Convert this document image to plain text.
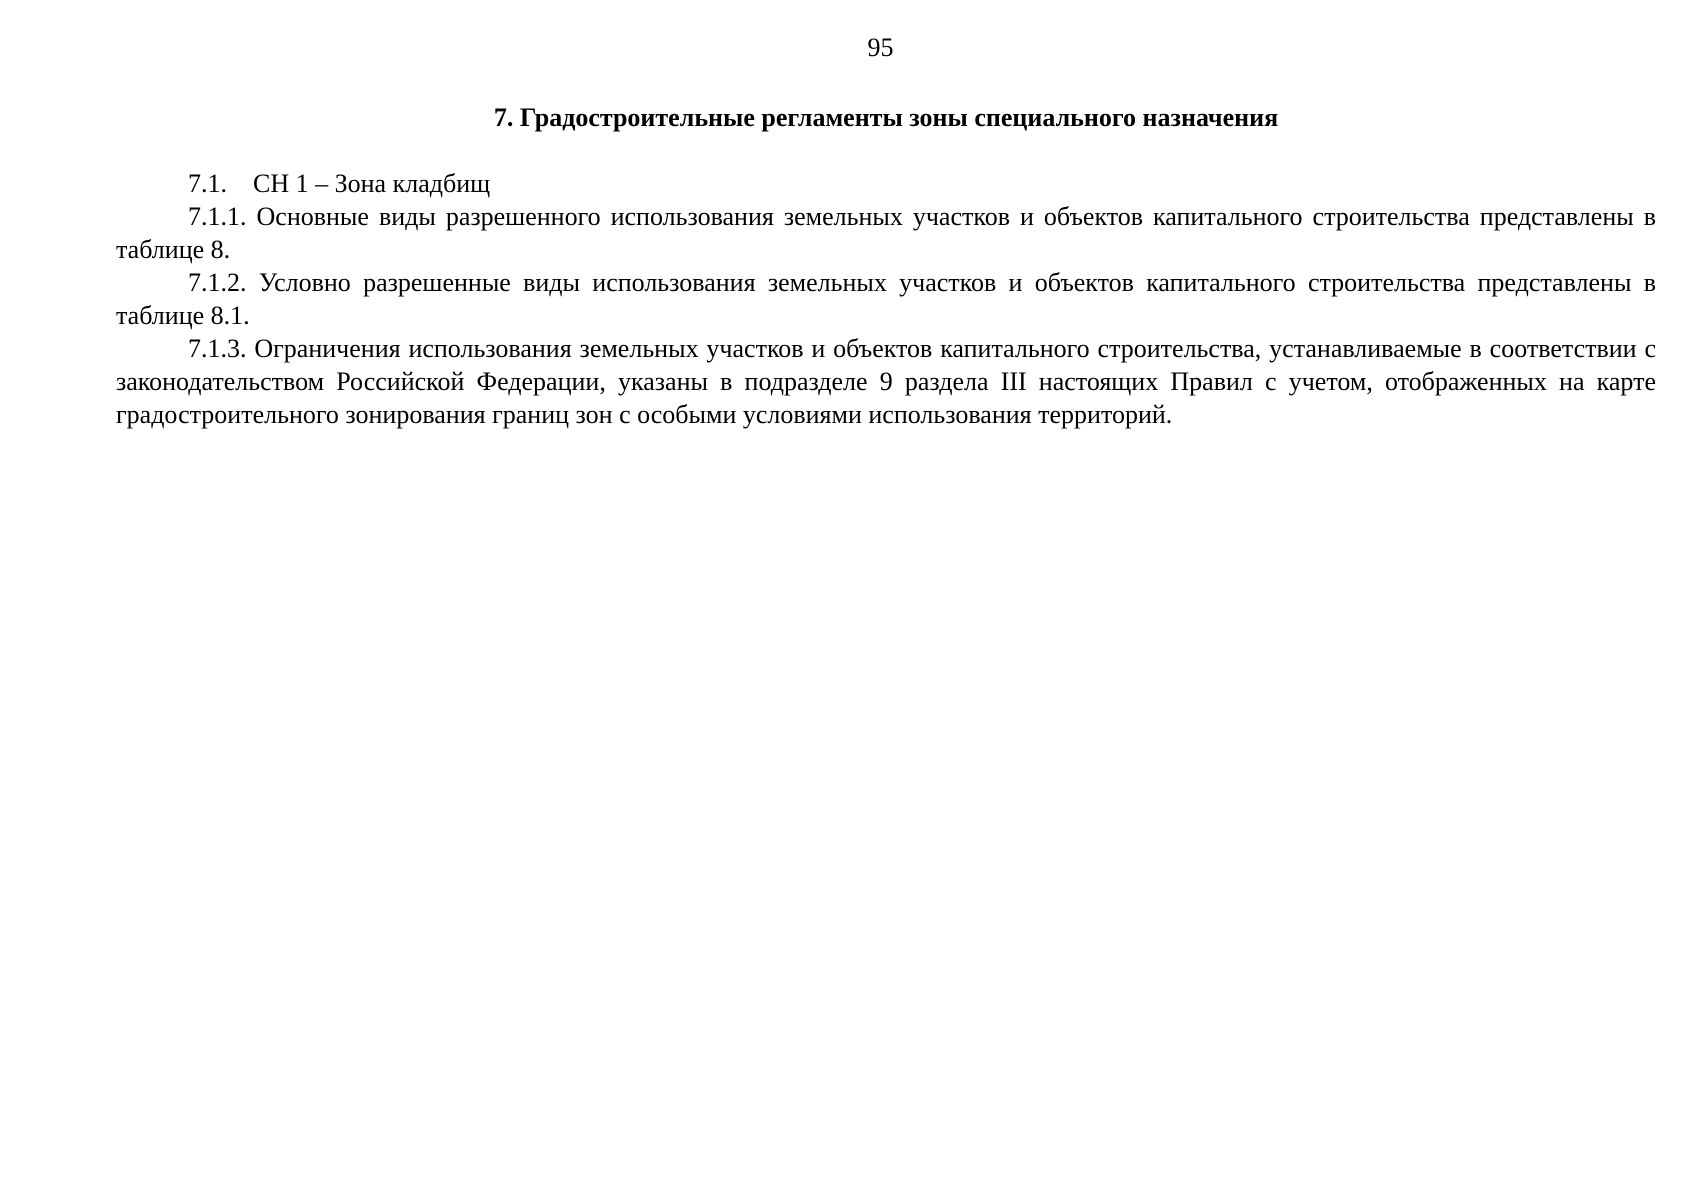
95
7. Градостроительные регламенты зоны специального назначения

7.1. СН 1 – Зона кладбищ

7.1.1. Основные виды разрешенного использования земельных участков и объектов капитального строительства представлены в таблице 8.

7.1.2. Условно разрешенные виды использования земельных участков и объектов капитального строительства представлены в таблице 8.1.

7.1.3. Ограничения использования земельных участков и объектов капитального строительства, устанавливаемые в соответствии с законодательством Российской Федерации, указаны в подразделе 9 раздела III настоящих Правил с учетом, отображенных на карте градостроительного зонирования границ зон с особыми условиями использования территорий.
